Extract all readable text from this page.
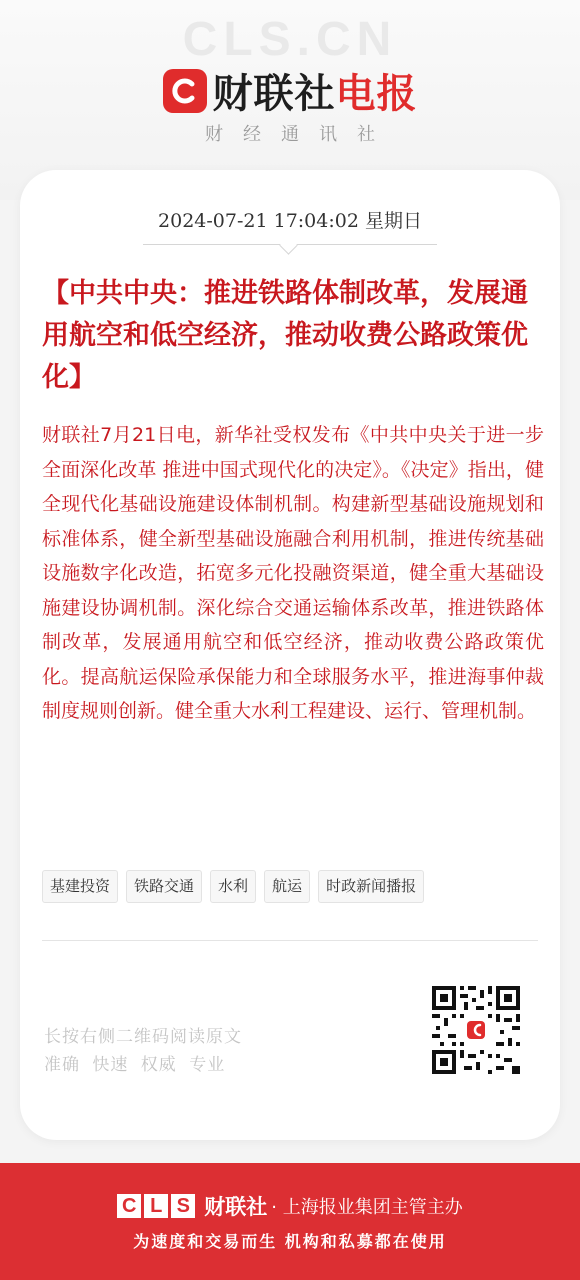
CLS.CN
财联社 电报
财经通讯社
2024-07-21 17:04:02 星期日
【中共中央：推进铁路体制改革，发展通用航空和低空经济，推动收费公路政策优化】

财联社7月21日电，新华社受权发布《中共中央关于进一步全面深化改革 推进中国式现代化的决定》。《决定》指出，健全现代化基础设施建设体制机制。构建新型基础设施规划和标准体系，健全新型基础设施融合利用机制，推进传统基础设施数字化改造，拓宽多元化投融资渠道，健全重大基础设施建设协调机制。深化综合交通运输体系改革，推进铁路体制改革，发展通用航空和低空经济，推动收费公路政策优化。提高航运保险承保能力和全球服务水平，推进海事仲裁制度规则创新。健全重大水利工程建设、运行、管理机制。

基建投资	铁路交通	水利	航运	时政新闻播报
长按右侧二维码阅读原文
准确 快速 权威 专业
C L S 财联社 · 上海报业集团主管主办
为速度和交易而生 机构和私募都在使用
